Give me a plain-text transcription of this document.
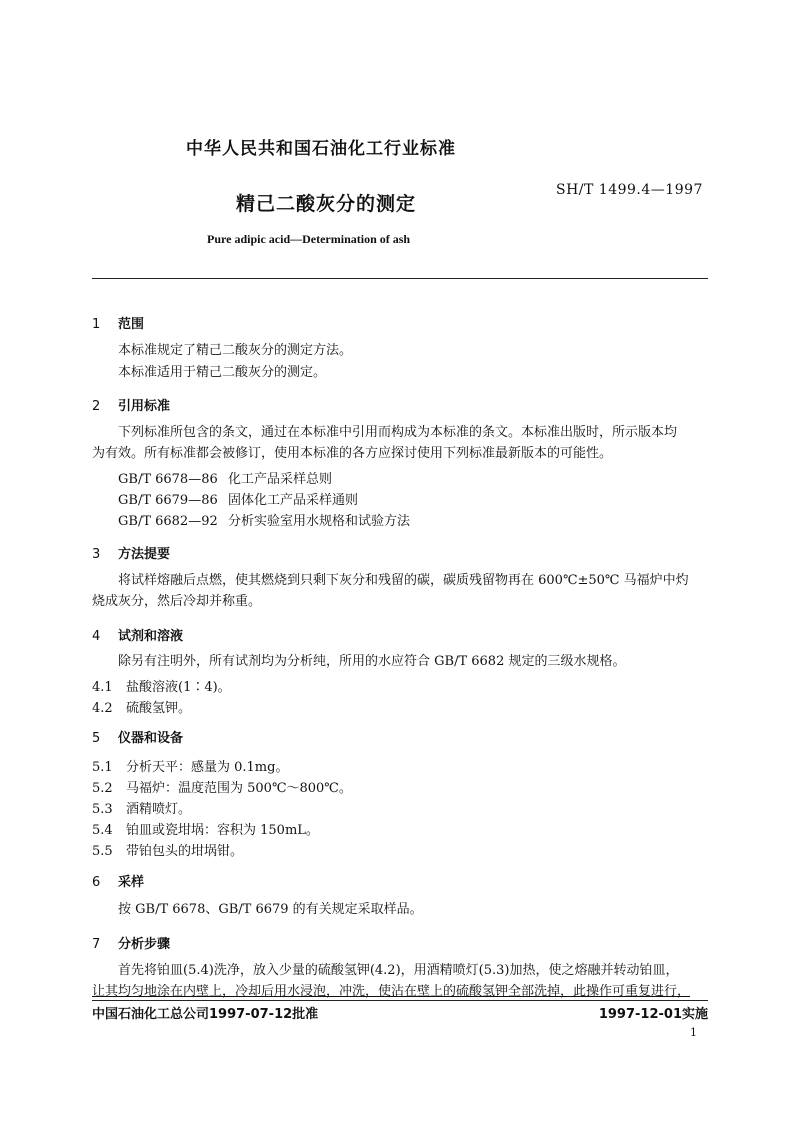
中华人民共和国石油化工行业标准
精己二酸灰分的测定
SH/T 1499.4—1997
Pure adipic acid—Determination of ash
1 范围
本标准规定了精己二酸灰分的测定方法。
本标准适用于精己二酸灰分的测定。
2 引用标准
下列标准所包含的条文，通过在本标准中引用而构成为本标准的条文。本标准出版时，所示版本均
为有效。所有标准都会被修订，使用本标准的各方应探讨使用下列标准最新版本的可能性。
GB/T 6678—86 化工产品采样总则
GB/T 6679—86 固体化工产品采样通则
GB/T 6682—92 分析实验室用水规格和试验方法
3 方法提要
将试样熔融后点燃，使其燃烧到只剩下灰分和残留的碳，碳质残留物再在 600℃±50℃ 马福炉中灼
烧成灰分，然后冷却并称重。
4 试剂和溶液
除另有注明外，所有试剂均为分析纯，所用的水应符合 GB/T 6682 规定的三级水规格。
4.1 盐酸溶液(1∶4)。
4.2 硫酸氢钾。
5 仪器和设备
5.1 分析天平：感量为 0.1mg。
5.2 马福炉：温度范围为 500℃～800℃。
5.3 酒精喷灯。
5.4 铂皿或瓷坩埚：容积为 150mL。
5.5 带铂包头的坩埚钳。
6 采样
按 GB/T 6678、GB/T 6679 的有关规定采取样品。
7 分析步骤
首先将铂皿(5.4)洗净，放入少量的硫酸氢钾(4.2)，用酒精喷灯(5.3)加热，使之熔融并转动铂皿，
让其均匀地涂在内壁上，冷却后用水浸泡，冲洗，使沾在壁上的硫酸氢钾全部洗掉，此操作可重复进行，
中国石油化工总公司1997-07-12批准	1997-12-01实施
1
